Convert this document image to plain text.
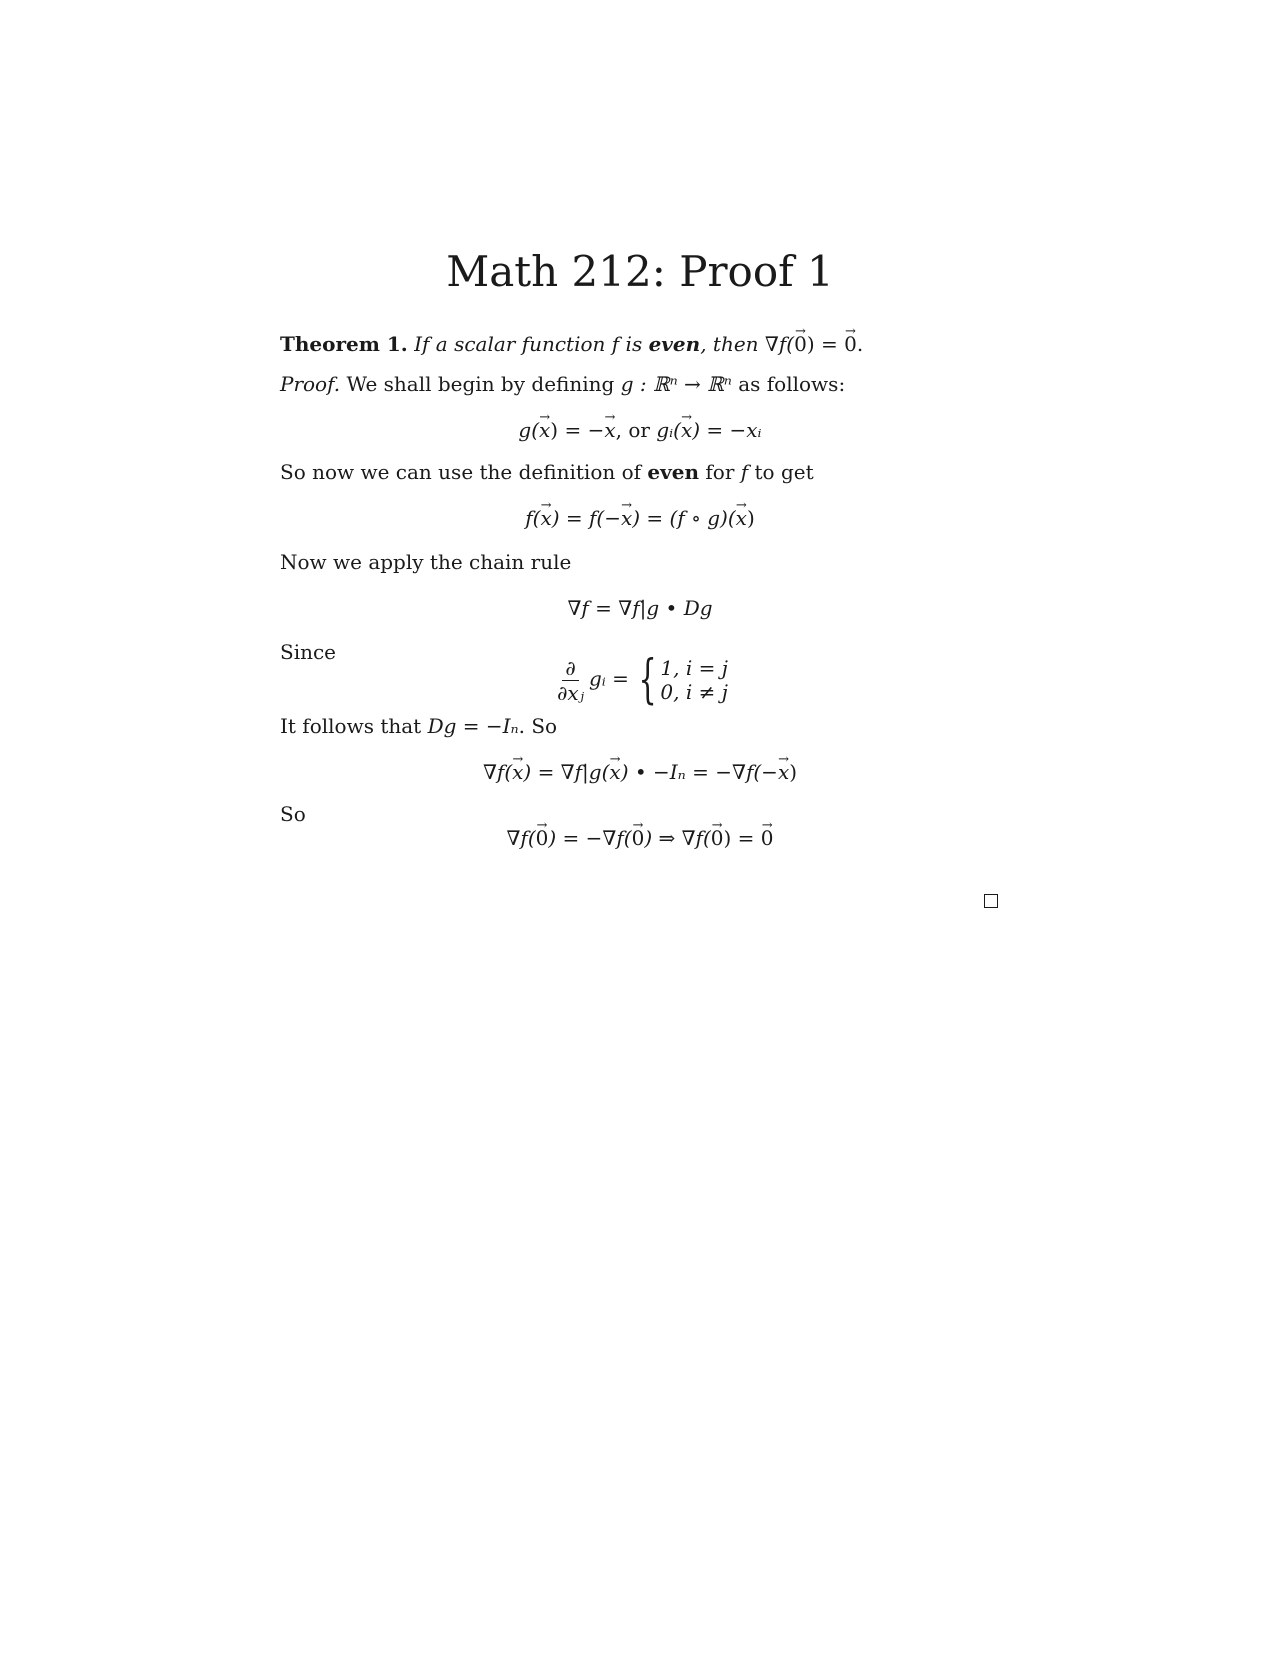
Math 212: Proof 1
Theorem 1. If a scalar function f is even, then ∇f(→ 0) = → 0.
Proof. We shall begin by defining g : ℝⁿ → ℝⁿ as follows:
g(→ x) = −→ x, or gᵢ(→ x) = −xᵢ
So now we can use the definition of even for f to get
f(→ x) = f(−→ x) = (f ∘ g)(→ x)
Now we apply the chain rule
∇f = ∇f|g • Dg
Since
$\frac{\partial}{\text{∂xⱼ}}$ gᵢ = { 1, i = j
0, i ≠ j
It follows that Dg = −Iₙ. So
∇f(→ x) = ∇f|g(→ x) • −Iₙ = −∇f(−→ x)
So
∇f(→ 0) = −∇f(→ 0) ⇒ ∇f(→ 0) = → 0
